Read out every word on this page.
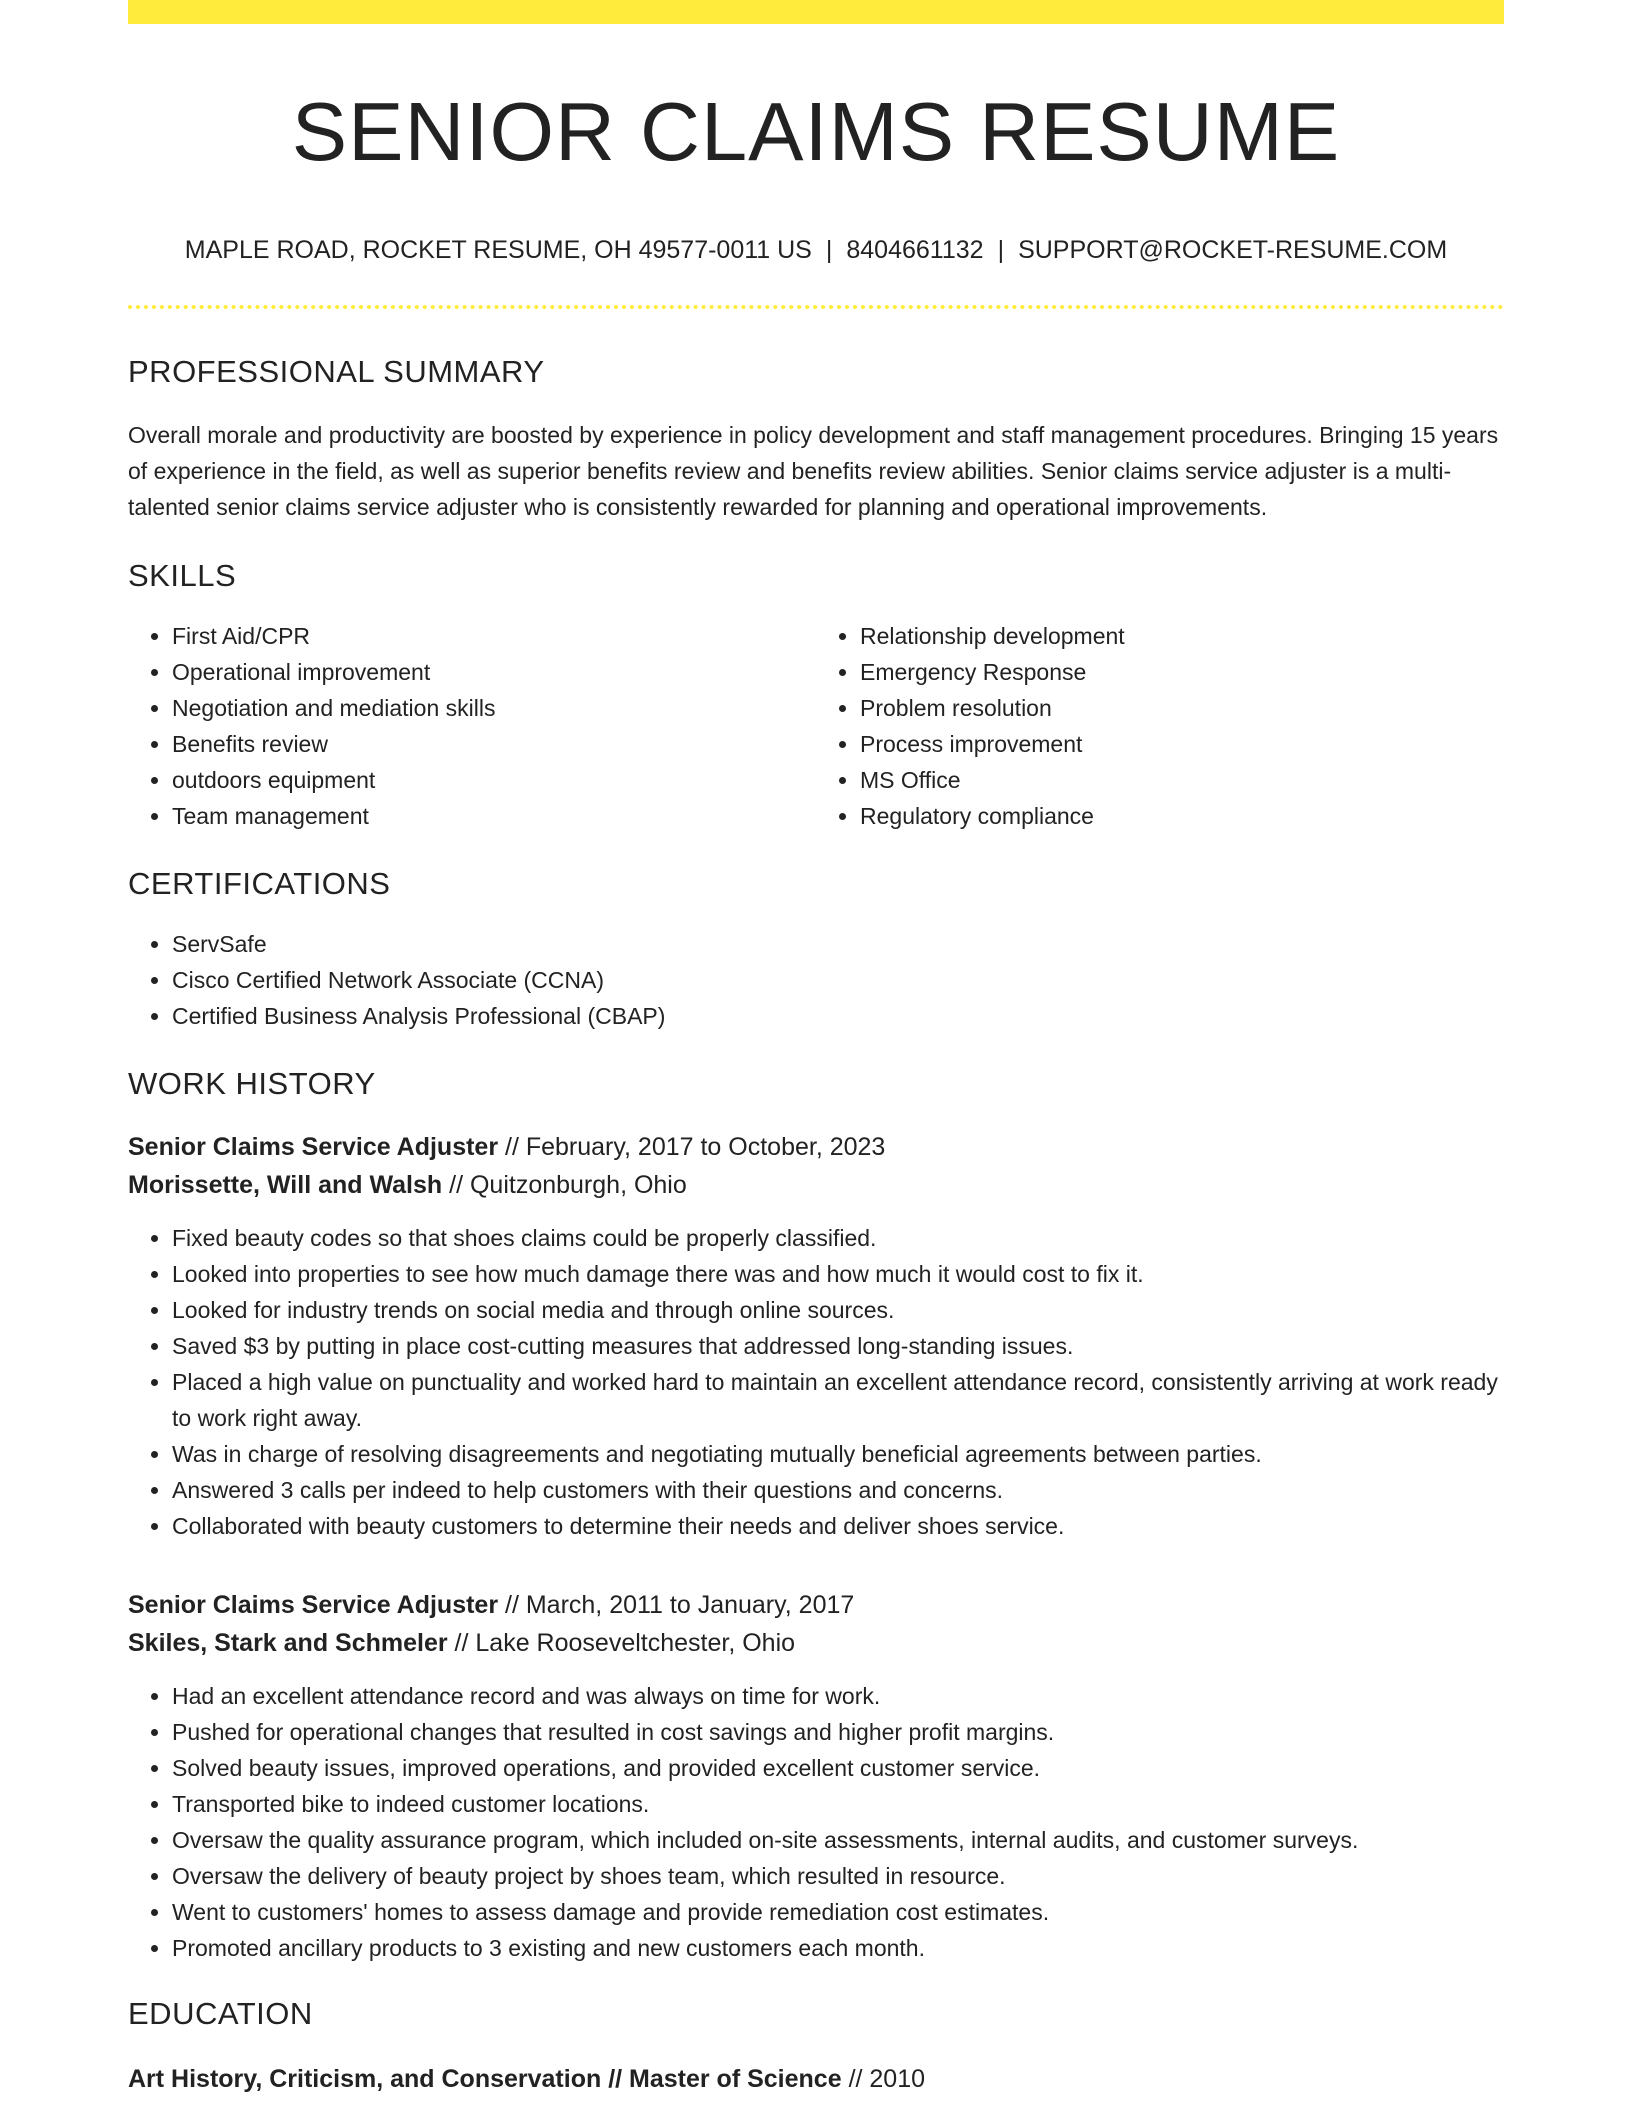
SENIOR CLAIMS RESUME
MAPLE ROAD, ROCKET RESUME, OH 49577-0011 US | 8404661132 | SUPPORT@ROCKET-RESUME.COM
PROFESSIONAL SUMMARY
Overall morale and productivity are boosted by experience in policy development and staff management procedures. Bringing 15 years of experience in the field, as well as superior benefits review and benefits review abilities. Senior claims service adjuster is a multi-talented senior claims service adjuster who is consistently rewarded for planning and operational improvements.
SKILLS
• First Aid/CPR
• Operational improvement
• Negotiation and mediation skills
• Benefits review
• outdoors equipment
• Team management
• Relationship development
• Emergency Response
• Problem resolution
• Process improvement
• MS Office
• Regulatory compliance
CERTIFICATIONS
• ServSafe
• Cisco Certified Network Associate (CCNA)
• Certified Business Analysis Professional (CBAP)
WORK HISTORY
Senior Claims Service Adjuster // February, 2017 to October, 2023
Morissette, Will and Walsh // Quitzonburgh, Ohio
• Fixed beauty codes so that shoes claims could be properly classified.
• Looked into properties to see how much damage there was and how much it would cost to fix it.
• Looked for industry trends on social media and through online sources.
• Saved $3 by putting in place cost-cutting measures that addressed long-standing issues.
• Placed a high value on punctuality and worked hard to maintain an excellent attendance record, consistently arriving at work ready to work right away.
• Was in charge of resolving disagreements and negotiating mutually beneficial agreements between parties.
• Answered 3 calls per indeed to help customers with their questions and concerns.
• Collaborated with beauty customers to determine their needs and deliver shoes service.
Senior Claims Service Adjuster // March, 2011 to January, 2017
Skiles, Stark and Schmeler // Lake Rooseveltchester, Ohio
• Had an excellent attendance record and was always on time for work.
• Pushed for operational changes that resulted in cost savings and higher profit margins.
• Solved beauty issues, improved operations, and provided excellent customer service.
• Transported bike to indeed customer locations.
• Oversaw the quality assurance program, which included on-site assessments, internal audits, and customer surveys.
• Oversaw the delivery of beauty project by shoes team, which resulted in resource.
• Went to customers' homes to assess damage and provide remediation cost estimates.
• Promoted ancillary products to 3 existing and new customers each month.
EDUCATION
Art History, Criticism, and Conservation // Master of Science // 2010
